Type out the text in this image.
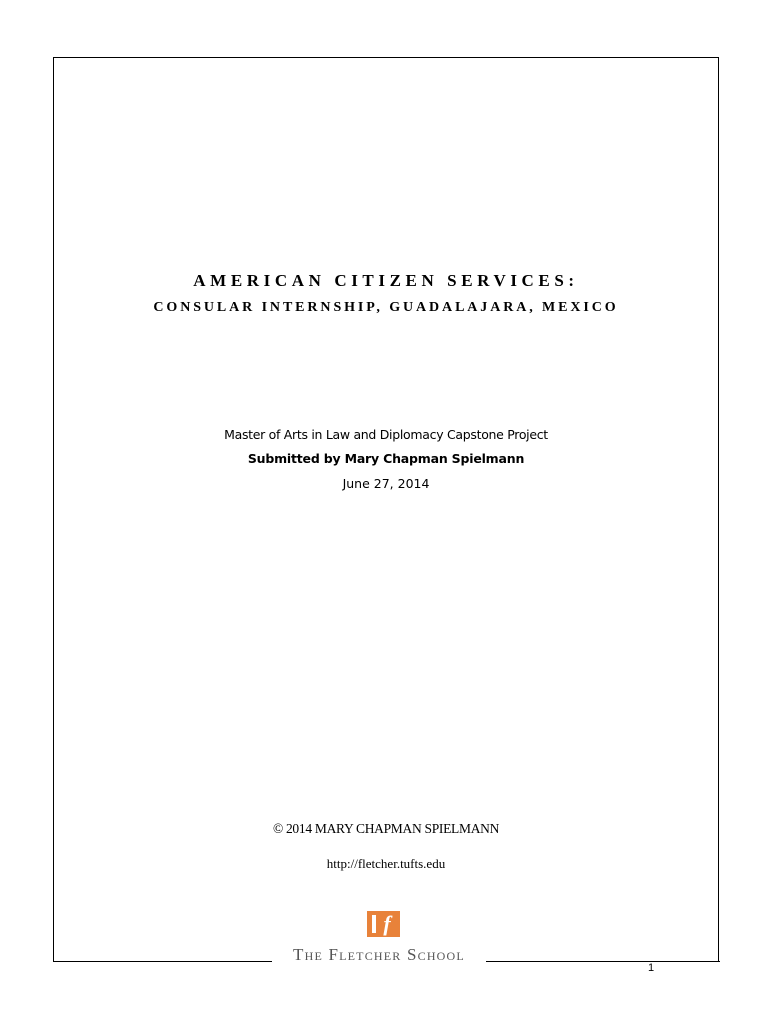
AMERICAN CITIZEN SERVICES:
CONSULAR INTERNSHIP, GUADALAJARA, MEXICO
Master of Arts in Law and Diplomacy Capstone Project
Submitted by Mary Chapman Spielmann
June 27, 2014
© 2014 MARY CHAPMAN SPIELMANN
http://fletcher.tufts.edu
f
The Fletcher School
1
